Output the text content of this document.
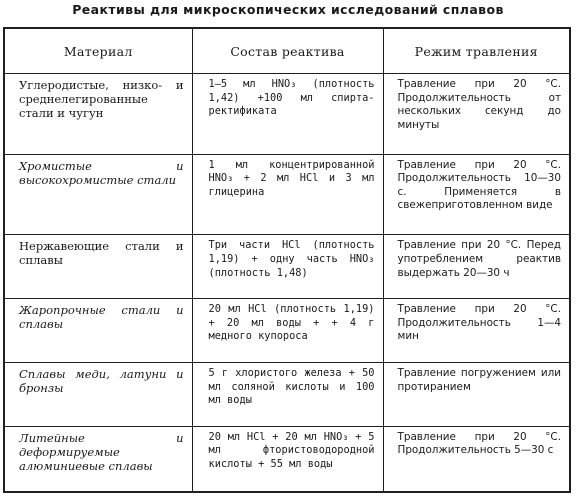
Реактивы для микроскопических исследований сплавов
Материал	Состав реактива	Режим травления

Углеродистые, низко- и среднелегированные стали и чугун	1—5 мл HNO₃ (плотность 1,42) +100 мл спирта-ректификата	Травление при 20 °С. Продолжительность от нескольких секунд до минуты

Хромистые и высокохромистые стали	1 мл концентрированной HNO₃ + 2 мл HCl и 3 мл глицерина	Травление при 20 °С. Продолжительность 10—30 с. Применяется в свежеприготовленном виде

Нержавеющие стали и сплавы	Три части HCl (плотность 1,19) + одну часть HNO₃ (плотность 1,48)	Травление при 20 °С. Перед употреблением реактив выдержать 20—30 ч

Жаропрочные стали и сплавы	20 мл HCl (плотность 1,19) + 20 мл воды + + 4 г медного купороса	Травление при 20 °С. Продолжительность 1—4 мин

Сплавы меди, латуни и бронзы	5 г хлористого железа + 50 мл соляной кислоты и 100 мл воды	Травление погружением или протиранием

Литейные и деформируемые алюминиевые сплавы	20 мл HCl + 20 мл HNO₃ + 5 мл фтористоводородной кислоты + 55 мл воды	Травление при 20 °С. Продолжительность 5—30 с
